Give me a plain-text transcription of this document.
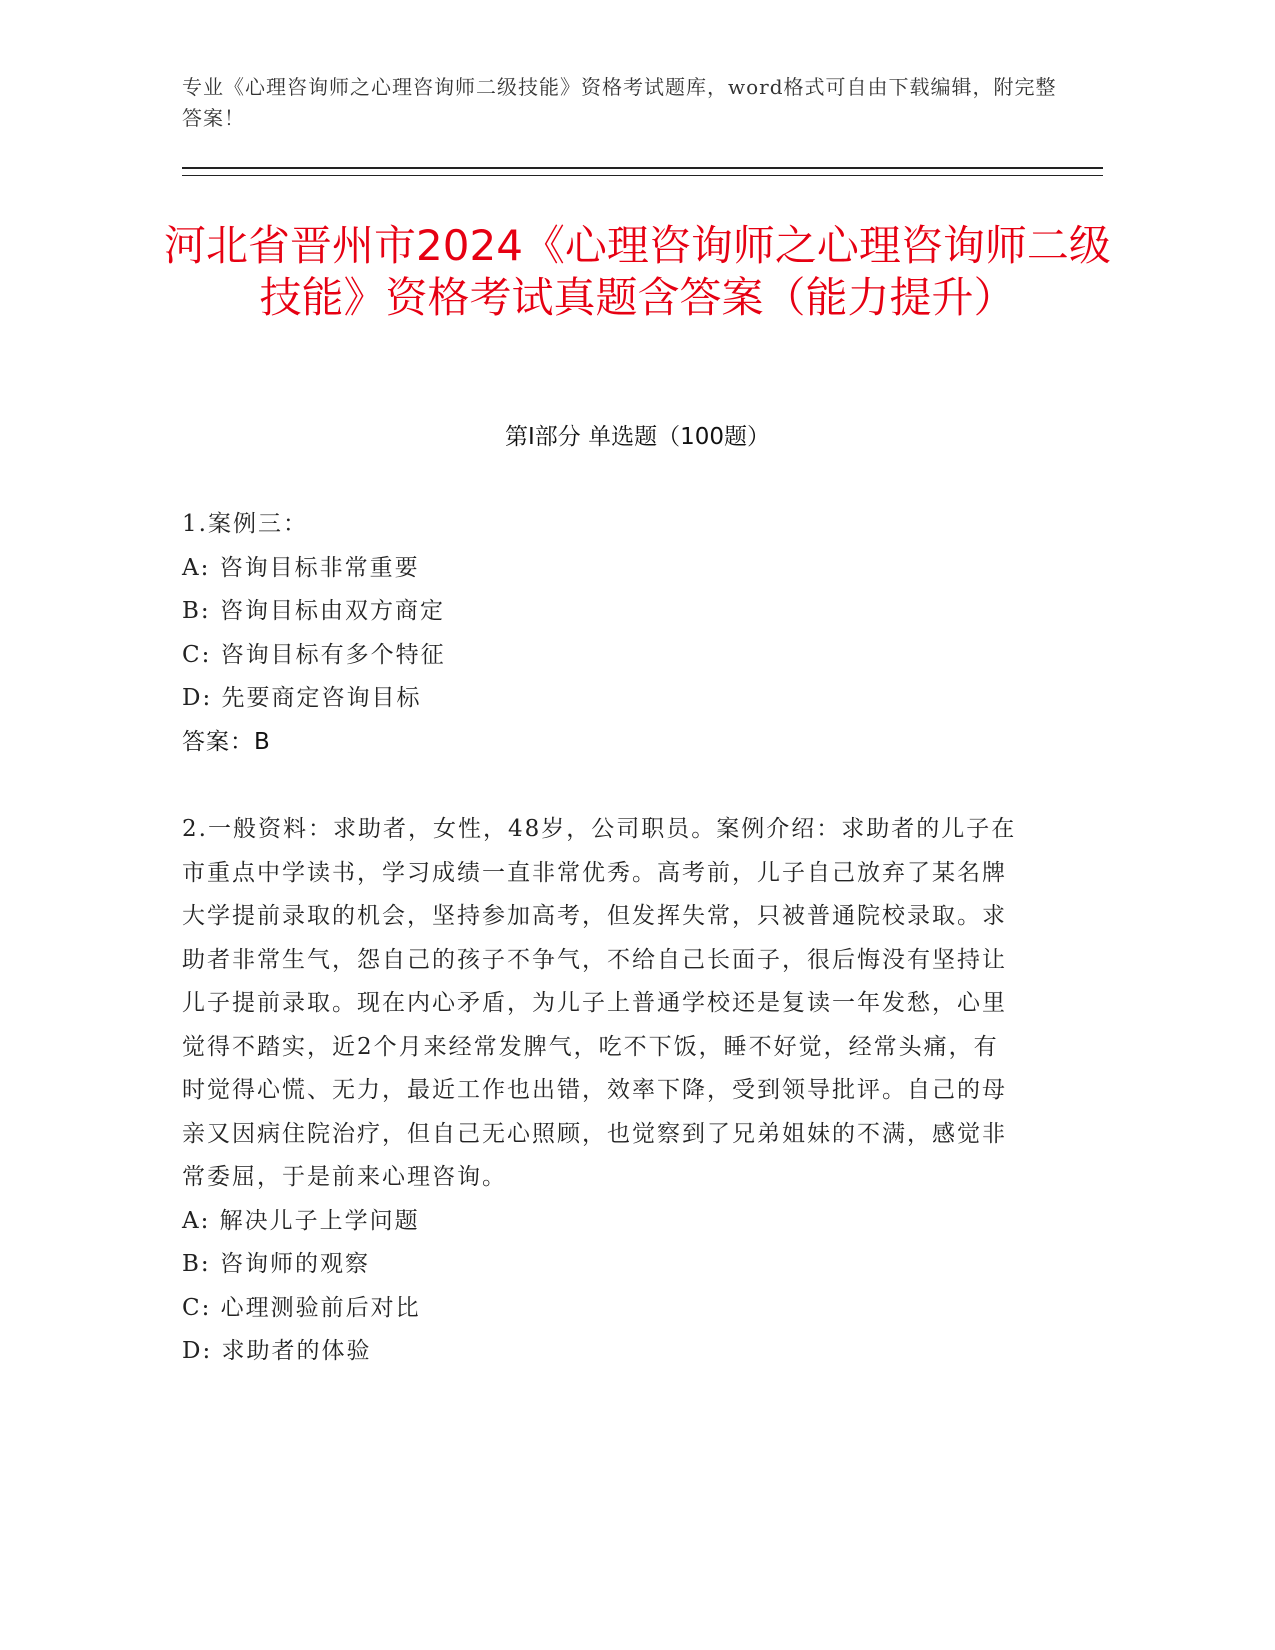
专业《心理咨询师之心理咨询师二级技能》资格考试题库，word格式可自由下载编辑，附完整答案！
河北省晋州市2024《心理咨询师之心理咨询师二级技能》资格考试真题含答案（能力提升）
第Ⅰ部分 单选题（100题）
1.案例三：
A: 咨询目标非常重要
B: 咨询目标由双方商定
C: 咨询目标有多个特征
D: 先要商定咨询目标
答案：B
2.一般资料：求助者，女性，48岁，公司职员。案例介绍：求助者的儿子在市重点中学读书，学习成绩一直非常优秀。高考前，儿子自己放弃了某名牌大学提前录取的机会，坚持参加高考，但发挥失常，只被普通院校录取。求助者非常生气，怨自己的孩子不争气，不给自己长面子，很后悔没有坚持让儿子提前录取。现在内心矛盾，为儿子上普通学校还是复读一年发愁，心里觉得不踏实，近2个月来经常发脾气，吃不下饭，睡不好觉，经常头痛，有时觉得心慌、无力，最近工作也出错，效率下降，受到领导批评。自己的母亲又因病住院治疗，但自己无心照顾，也觉察到了兄弟姐妹的不满，感觉非常委屈，于是前来心理咨询。
A: 解决儿子上学问题
B: 咨询师的观察
C: 心理测验前后对比
D: 求助者的体验
